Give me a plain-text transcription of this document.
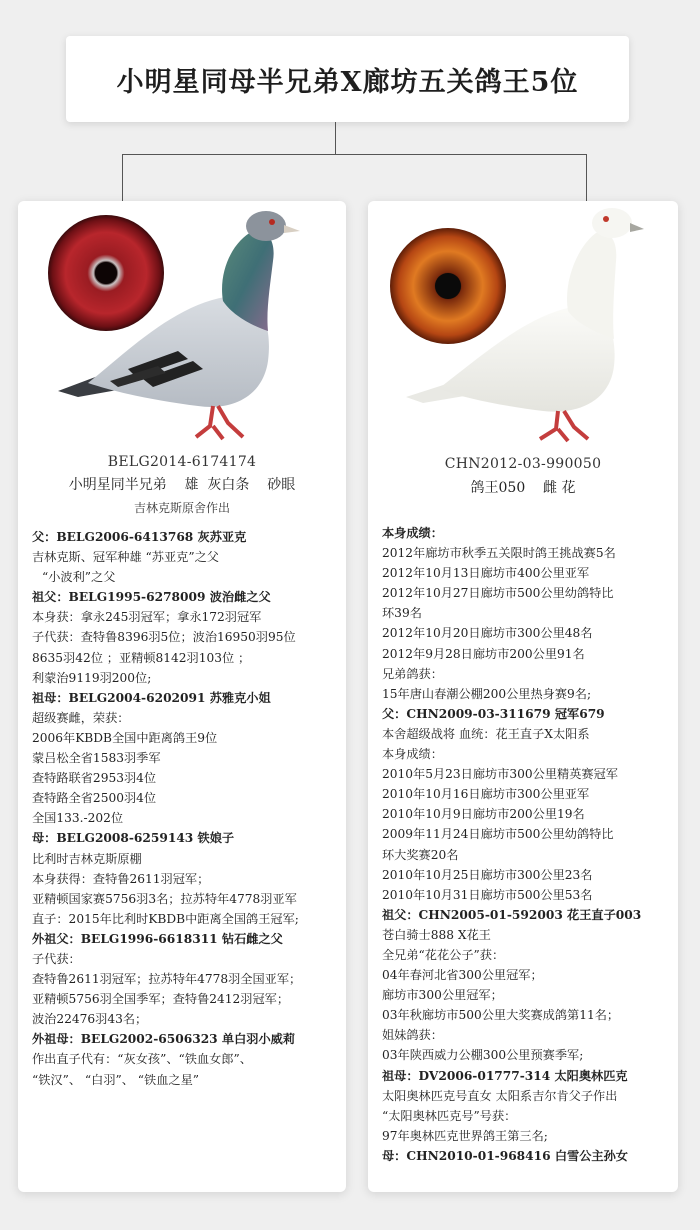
小明星同母半兄弟X廊坊五关鸽王5位
BELG2014-6174174
小明星同半兄弟    雄  灰白条    砂眼
吉林克斯原舍作出
父：BELG2006-6413768 灰苏亚克
吉林克斯、冠军种雄 “苏亚克”之父
“小波利”之父
祖父：BELG1995-6278009 波治雌之父
本身获：拿永245羽冠军；拿永172羽冠军
子代获：查特鲁8396羽5位；波治16950羽95位
8635羽42位 ；亚精顿8142羽103位 ；
利蒙治9119羽200位;
祖母：BELG2004-6202091 苏雅克小姐
超级赛雌，荣获：
2006年KBDB全国中距离鸽王9位
蒙吕松全省1583羽季军
查特路联省2953羽4位
查特路全省2500羽4位
全国133.-202位
母：BELG2008-6259143 铁娘子
比利时吉林克斯原棚
本身获得：查特鲁2611羽冠军；
亚精顿国家赛5756羽3名；拉苏特年4778羽亚军
直子：2015年比利时KBDB中距离全国鸽王冠军;
外祖父：BELG1996-6618311 钻石雌之父
子代获：
查特鲁2611羽冠军；拉苏特年4778羽全国亚军；
亚精顿5756羽全国季军；查特鲁2412羽冠军；
波治22476羽43名；
外祖母：BELG2002-6506323 单白羽小威莉
作出直子代有：“灰女孩”、“铁血女郎”、
“铁汉”、 “白羽”、 “铁血之星”
CHN2012-03-990050
鸽王050    雌 花
本身成绩：
2012年廊坊市秋季五关限时鸽王挑战赛5名
2012年10月13日廊坊市400公里亚军
2012年10月27日廊坊市500公里幼鸽特比
环39名
2012年10月20日廊坊市300公里48名
2012年9月28日廊坊市200公里91名
兄弟鸽获：
15年唐山春潮公棚200公里热身赛9名;
父：CHN2009-03-311679 冠军679
本舍超级战将 血统：花王直子X太阳系
本身成绩：
2010年5月23日廊坊市300公里精英赛冠军
2010年10月16日廊坊市300公里亚军
2010年10月9日廊坊市200公里19名
2009年11月24日廊坊市500公里幼鸽特比
环大奖赛20名
2010年10月25日廊坊市300公里23名
2010年10月31日廊坊市500公里53名
祖父：CHN2005-01-592003 花王直子003
苍白骑士888 X花王
全兄弟“花花公子”获：
04年春河北省300公里冠军；
廊坊市300公里冠军；
03年秋廊坊市500公里大奖赛成鸽第11名；
姐妹鸽获：
03年陕西威力公棚300公里预赛季军;
祖母：DV2006-01777-314 太阳奥林匹克
太阳奥林匹克号直女 太阳系吉尔肯父子作出
“太阳奥林匹克号”号获：
97年奥林匹克世界鸽王第三名;
母：CHN2010-01-968416 白雪公主孙女
